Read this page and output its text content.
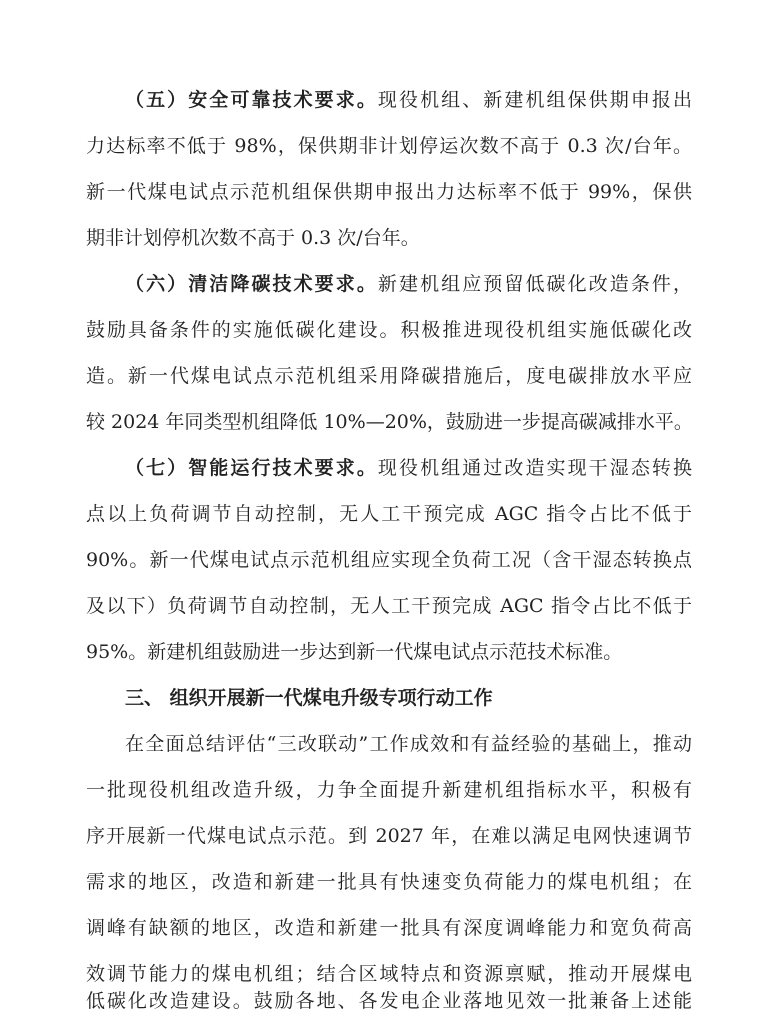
（五）安全可靠技术要求。现役机组、新建机组保供期申报出
力达标率不低于 98%，保供期非计划停运次数不高于 0.3 次/台年。
新一代煤电试点示范机组保供期申报出力达标率不低于 99%，保供
期非计划停机次数不高于 0.3 次/台年。
（六）清洁降碳技术要求。新建机组应预留低碳化改造条件，
鼓励具备条件的实施低碳化建设。积极推进现役机组实施低碳化改
造。新一代煤电试点示范机组采用降碳措施后，度电碳排放水平应
较 2024 年同类型机组降低 10%—20%，鼓励进一步提高碳减排水平。
（七）智能运行技术要求。现役机组通过改造实现干湿态转换
点以上负荷调节自动控制，无人工干预完成 AGC 指令占比不低于
90%。新一代煤电试点示范机组应实现全负荷工况（含干湿态转换点
及以下）负荷调节自动控制，无人工干预完成 AGC 指令占比不低于
95%。新建机组鼓励进一步达到新一代煤电试点示范技术标准。
三、 组织开展新一代煤电升级专项行动工作
在全面总结评估“三改联动”工作成效和有益经验的基础上，推动
一批现役机组改造升级，力争全面提升新建机组指标水平，积极有
序开展新一代煤电试点示范。到 2027 年，在难以满足电网快速调节
需求的地区，改造和新建一批具有快速变负荷能力的煤电机组；在
调峰有缺额的地区，改造和新建一批具有深度调峰能力和宽负荷高
效调节能力的煤电机组；结合区域特点和资源禀赋，推动开展煤电
低碳化改造建设。鼓励各地、各发电企业落地见效一批兼备上述能
